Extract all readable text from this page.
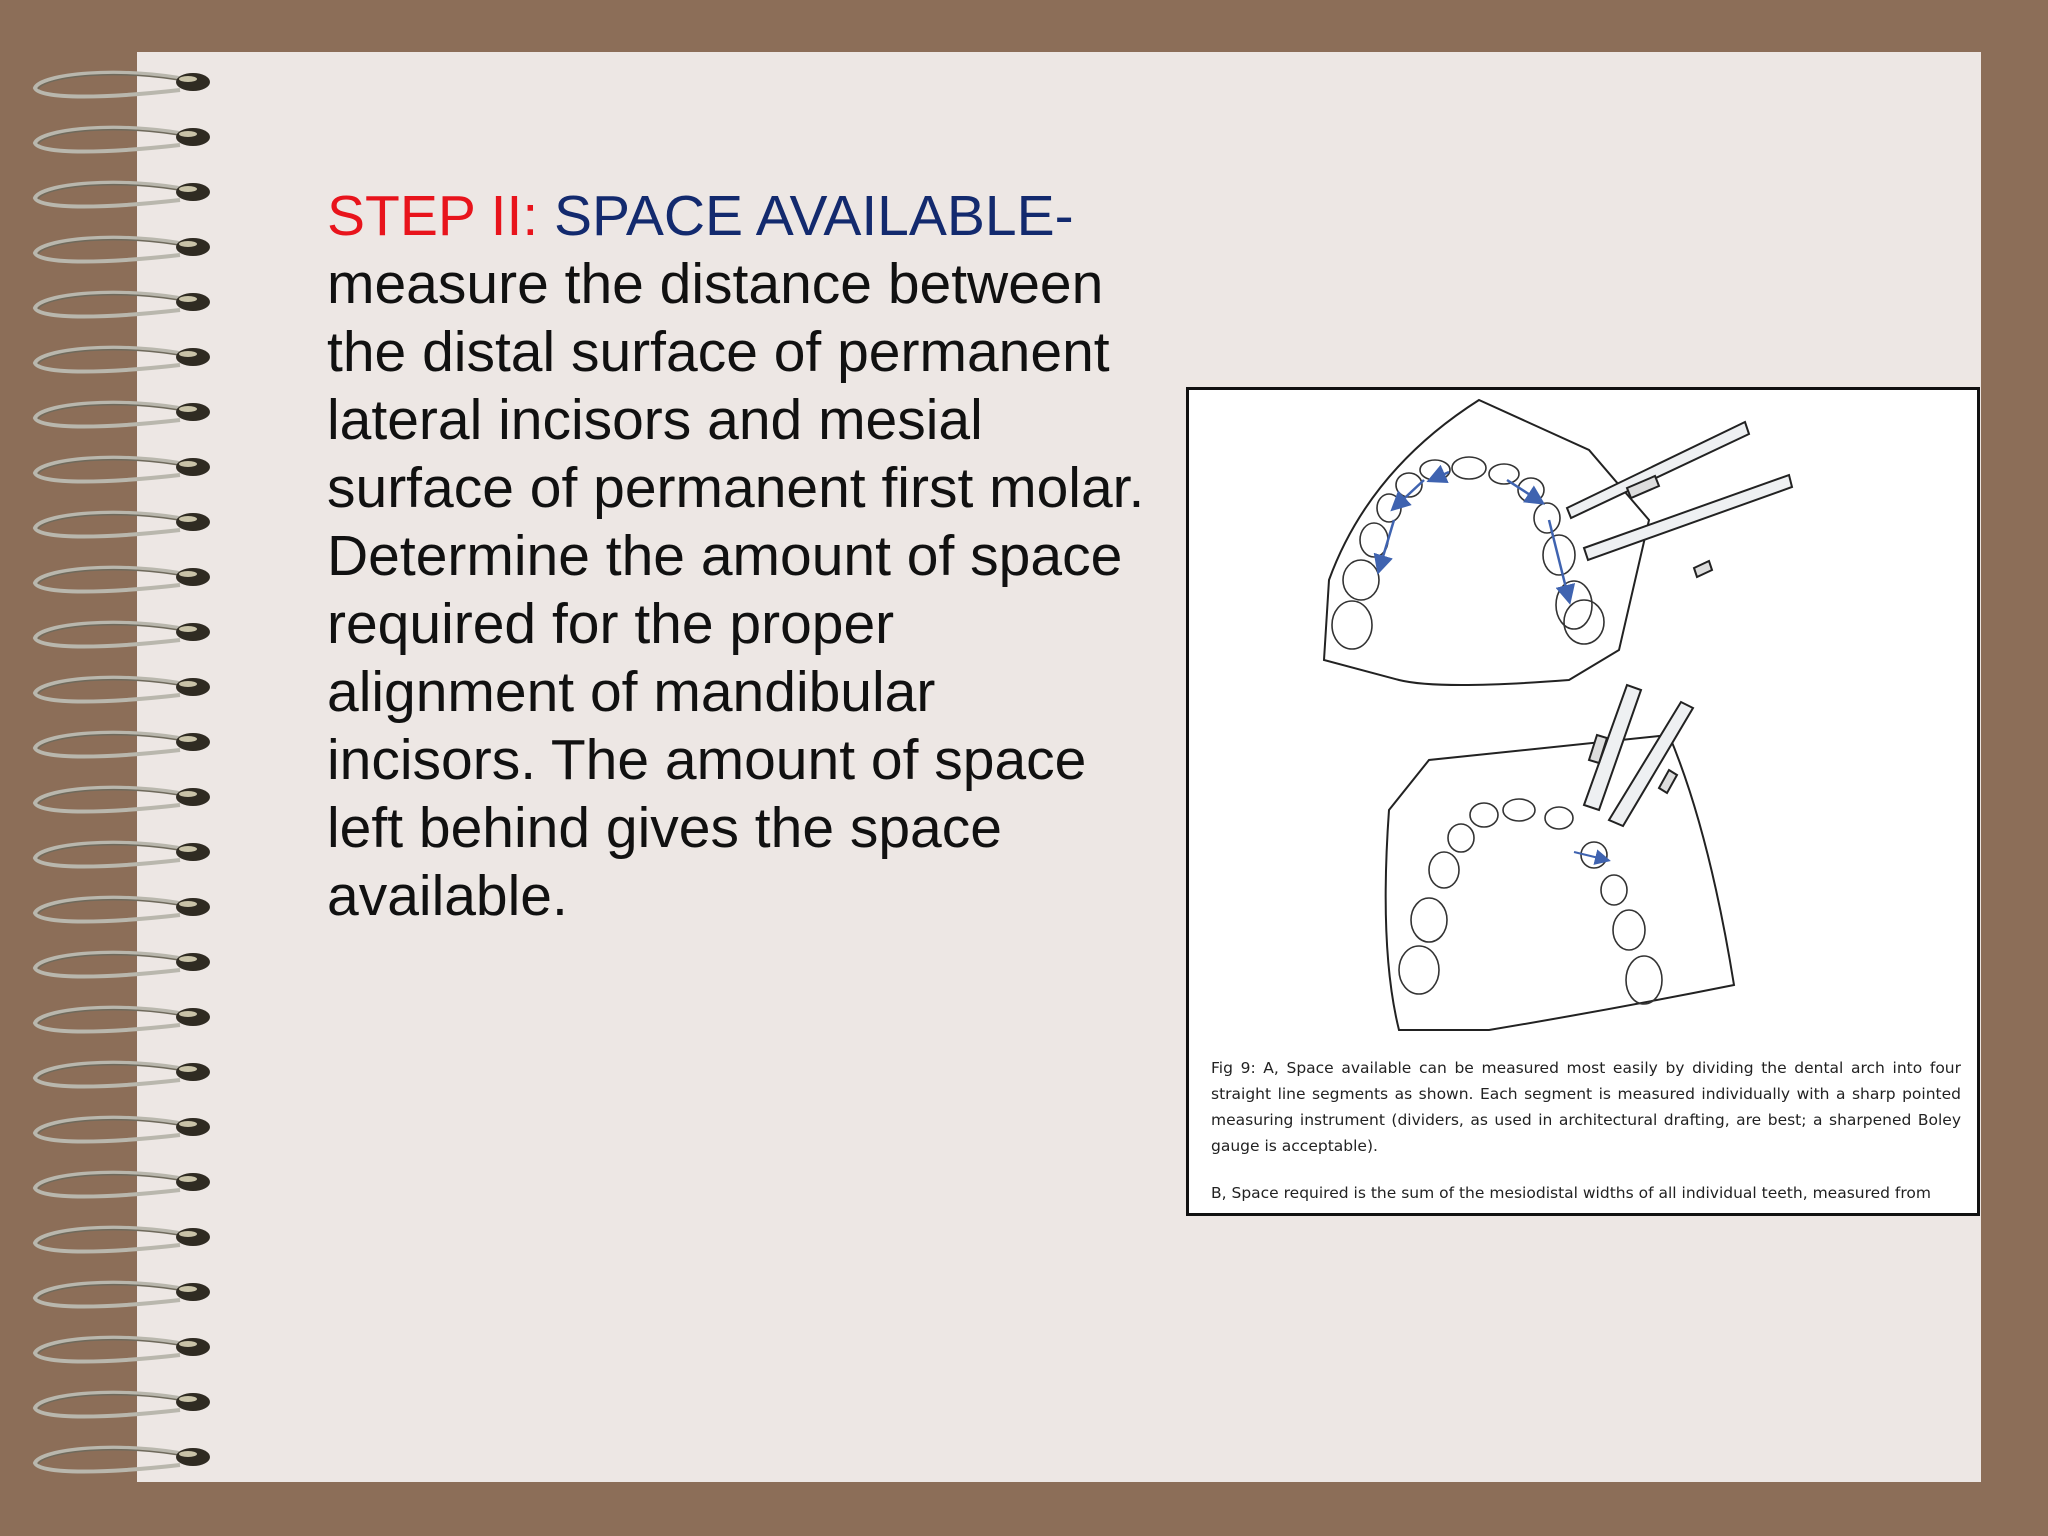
STEP II: SPACE AVAILABLE-
measure the distance between the distal surface of permanent lateral incisors and mesial surface of permanent first molar. Determine the amount of space required for the proper alignment of mandibular incisors. The amount of space left behind gives the space available.
Fig 9: A, Space available can be measured most easily by dividing the dental arch into four straight line segments as shown. Each segment is measured individually with a sharp pointed measuring instrument (dividers, as used in architectural drafting, are best; a sharpened Boley gauge is acceptable).
B, Space required is the sum of the mesiodistal widths of all individual teeth, measured from
